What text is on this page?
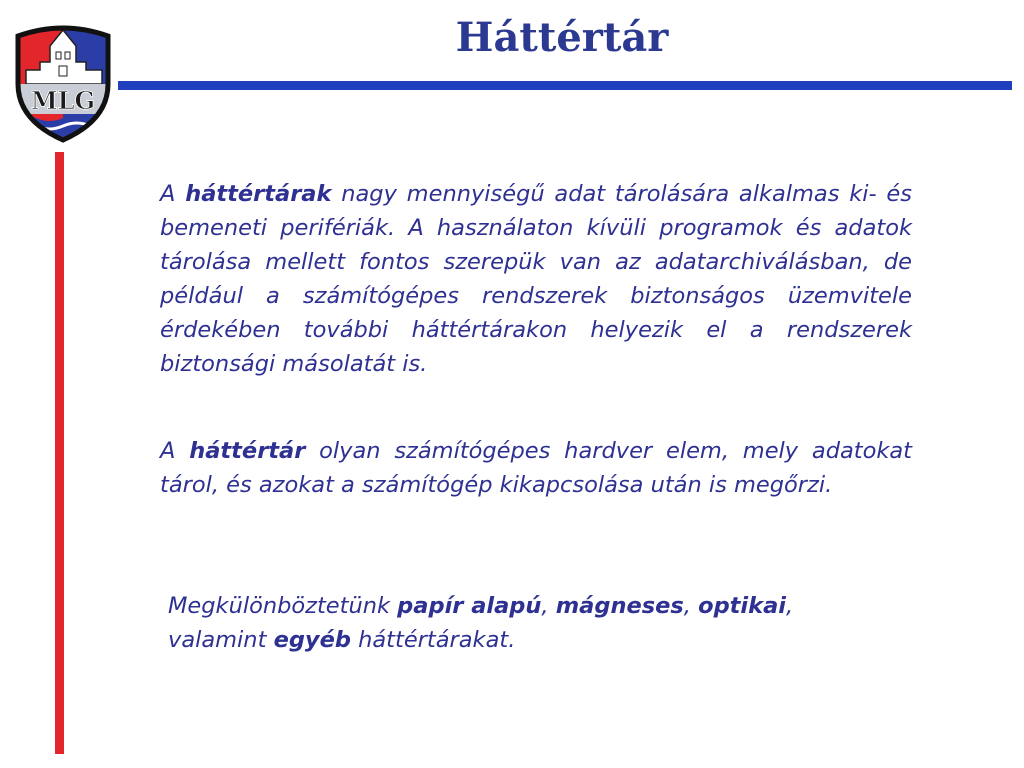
MLG
Háttértár

A háttértárak nagy mennyiségű adat tárolására alkalmas ki- és bemeneti perifériák. A használaton kívüli programok és adatok tárolása mellett fontos szerepük van az adatarchiválásban, de például a számítógépes rendszerek biztonságos üzemvitele érdekében további háttértárakon helyezik el a rendszerek biztonsági másolatát is.

A háttértár olyan számítógépes hardver elem, mely adatokat tárol, és azokat a számítógép kikapcsolása után is megőrzi.

Megkülönböztetünk papír alapú, mágneses, optikai,
valamint egyéb háttértárakat.
